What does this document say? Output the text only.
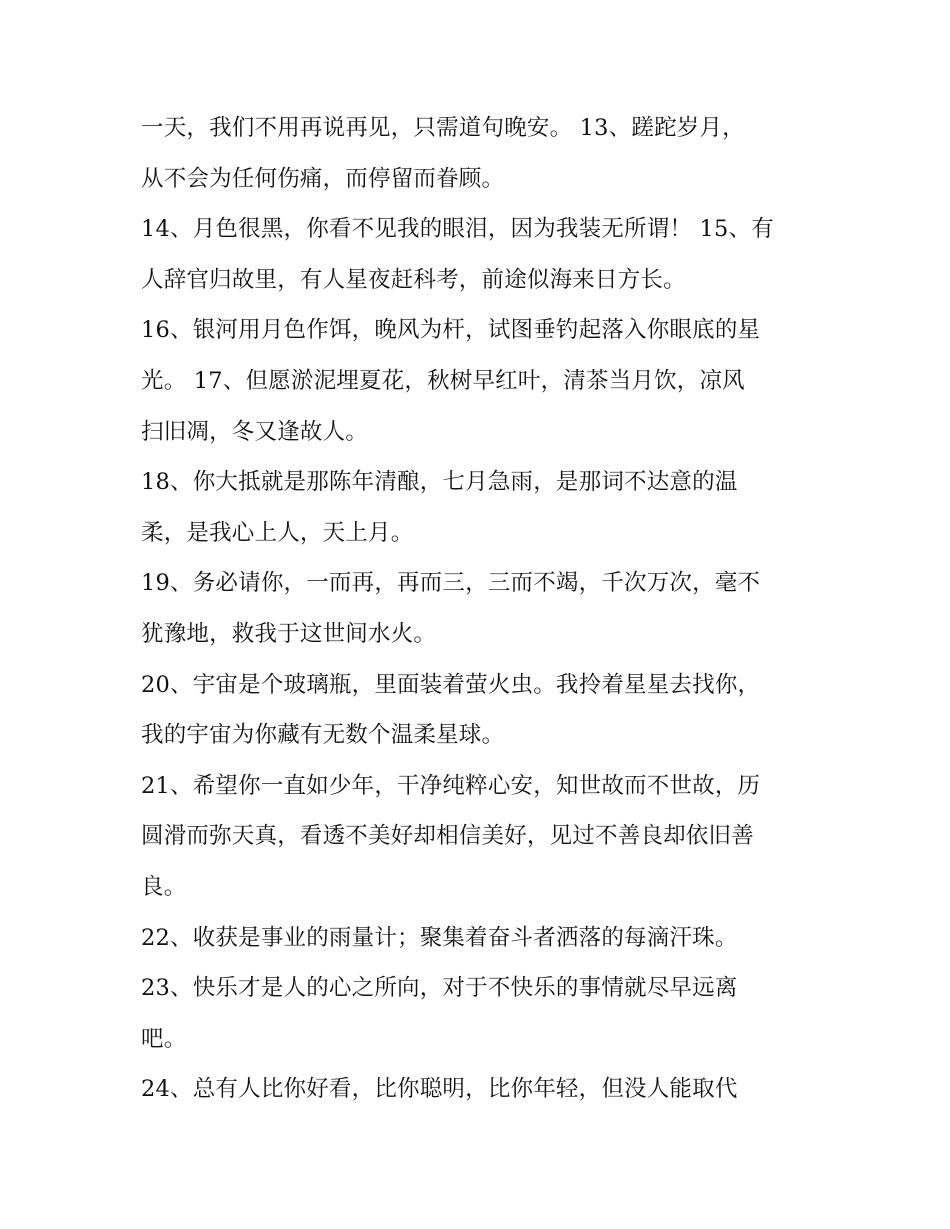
一天，我们不用再说再见，只需道句晚安。 13、蹉跎岁月，
从不会为任何伤痛，而停留而眷顾。
14、月色很黑，你看不见我的眼泪，因为我装无所谓！ 15、有
人辞官归故里，有人星夜赶科考，前途似海来日方长。
16、银河用月色作饵，晚风为杆，试图垂钓起落入你眼底的星
光。 17、但愿淤泥埋夏花，秋树早红叶，清茶当月饮，凉风
扫旧凋，冬又逢故人。
18、你大抵就是那陈年清酿，七月急雨，是那词不达意的温
柔，是我心上人，天上月。
19、务必请你，一而再，再而三，三而不竭，千次万次，毫不
犹豫地，救我于这世间水火。
20、宇宙是个玻璃瓶，里面装着萤火虫。我拎着星星去找你，
我的宇宙为你藏有无数个温柔星球。
21、希望你一直如少年，干净纯粹心安，知世故而不世故，历
圆滑而弥天真，看透不美好却相信美好，见过不善良却依旧善
良。
22、收获是事业的雨量计；聚集着奋斗者洒落的每滴汗珠。
23、快乐才是人的心之所向，对于不快乐的事情就尽早远离
吧。
24、总有人比你好看，比你聪明，比你年轻，但没人能取代
